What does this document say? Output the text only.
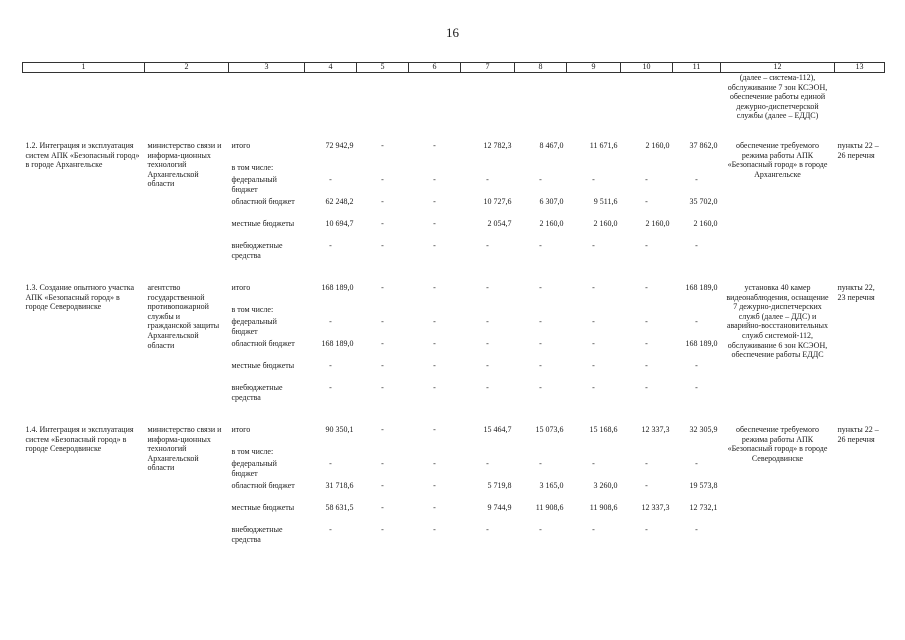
16
1	2	3	4	5	6	7	8	9	10	11	12	13
											(далее – система-112), обслуживание 7 зон КСЭОН, обеспечение работы единой дежурно-диспетчерской службы (далее – ЕДДС)	

1.2. Интеграция и эксплуатация систем АПК «Безопасный город» в городе Архангельске	министерство связи и информа-ционных технологий Архангельской области	итого	72 942,9	-	-	12 782,3	8 467,0	11 671,6	2 160,0	37 862,0	обеспечение требуемого режима работы АПК «Безопасный город» в городе Архангельске	пункты 22 – 26 перечня
		в том числе:										
		федеральный бюджет	-	-	-	-	-	-	-	-		
		областной бюджет	62 248,2	-	-	10 727,6	6 307,0	9 511,6	-	35 702,0		
		местные бюджеты	10 694,7	-	-	2 054,7	2 160,0	2 160,0	2 160,0	2 160,0		
		внебюджетные средства	-	-	-	-	-	-	-	-		

1.3. Создание опытного участка АПК «Безопасный город» в городе Северодвинске	агентство государственной противопожарной службы и гражданской защиты Архангельской области	итого	168 189,0	-	-	-	-	-	-	168 189,0	установка 40 камер видеонаблюдения, оснащение 7 дежурно-диспетчерских служб (далее – ДДС) и аварийно-восстановительных служб системой-112, обслуживание 6 зон КСЭОН, обеспечение работы ЕДДС	пункты 22, 23 перечня
		в том числе:										
		федеральный бюджет	-	-	-	-	-	-	-	-		
		областной бюджет	168 189,0	-	-	-	-	-	-	168 189,0		
		местные бюджеты	-	-	-	-	-	-	-	-		
		внебюджетные средства	-	-	-	-	-	-	-	-		

1.4. Интеграция и эксплуатация систем «Безопасный город» в городе Северодвинске	министерство связи и информа-ционных технологий Архангельской области	итого	90 350,1	-	-	15 464,7	15 073,6	15 168,6	12 337,3	32 305,9	обеспечение требуемого режима работы АПК «Безопасный город» в городе Северодвинске	пункты 22 – 26 перечня
		в том числе:										
		федеральный бюджет	-	-	-	-	-	-	-	-		
		областной бюджет	31 718,6	-	-	5 719,8	3 165,0	3 260,0	-	19 573,8		
		местные бюджеты	58 631,5	-	-	9 744,9	11 908,6	11 908,6	12 337,3	12 732,1		
		внебюджетные средства	-	-	-	-	-	-	-	-		
